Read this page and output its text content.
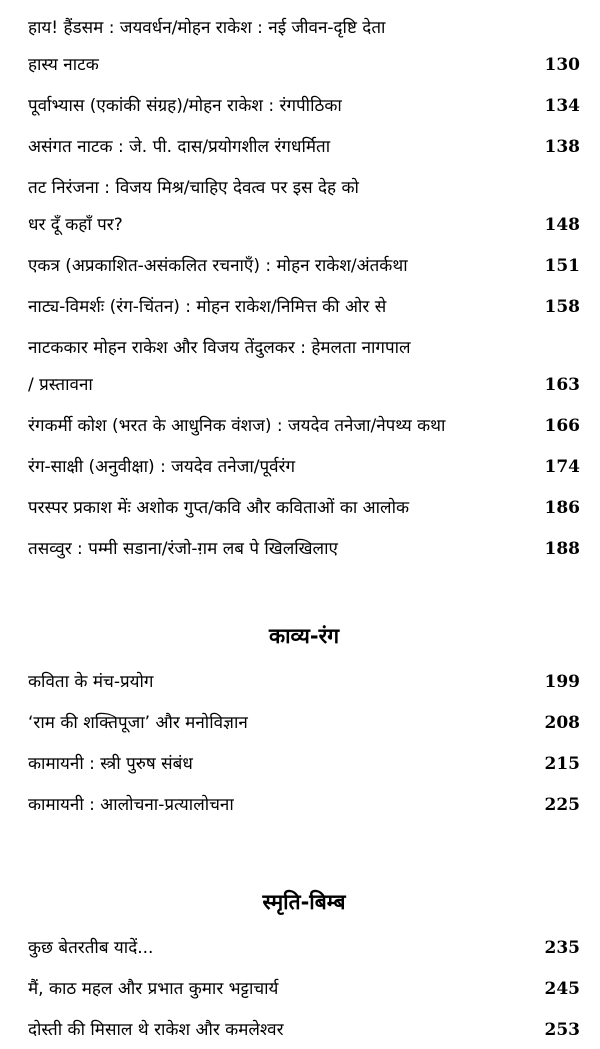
हाय! हैंडसम : जयवर्धन/मोहन राकेश : नई जीवन-दृष्टि देता
हास्य नाटक	130
पूर्वाभ्यास (एकांकी संग्रह)/मोहन राकेश : रंगपीठिका	134
असंगत नाटक : जे. पी. दास/प्रयोगशील रंगधर्मिता	138
तट निरंजना : विजय मिश्र/चाहिए देवत्व पर इस देह को
धर दूँ कहाँ पर?	148
एकत्र (अप्रकाशित-असंकलित रचनाएँ) : मोहन राकेश/अंतर्कथा	151
नाट्य-विमर्शः (रंग-चिंतन) : मोहन राकेश/निमित्त की ओर से	158
नाटककार मोहन राकेश और विजय तेंदुलकर : हेमलता नागपाल
/ प्रस्तावना	163
रंगकर्मी कोश (भरत के आधुनिक वंशज) : जयदेव तनेजा/नेपथ्य कथा	166
रंग-साक्षी (अनुवीक्षा) : जयदेव तनेजा/पूर्वरंग	174
परस्पर प्रकाश मेंः अशोक गुप्त/कवि और कविताओं का आलोक	186
तसव्वुर : पम्मी सडाना/रंजो-ग़म लब पे खिलखिलाए	188
काव्य-रंग
कविता के मंच-प्रयोग	199
‘राम की शक्तिपूजा’ और मनोविज्ञान	208
कामायनी : स्त्री पुरुष संबंध	215
कामायनी : आलोचना-प्रत्यालोचना	225
स्मृति-बिम्ब
कुछ बेतरतीब यादें...	235
मैं, काठ महल और प्रभात कुमार भट्टाचार्य	245
दोस्ती की मिसाल थे राकेश और कमलेश्वर	253
